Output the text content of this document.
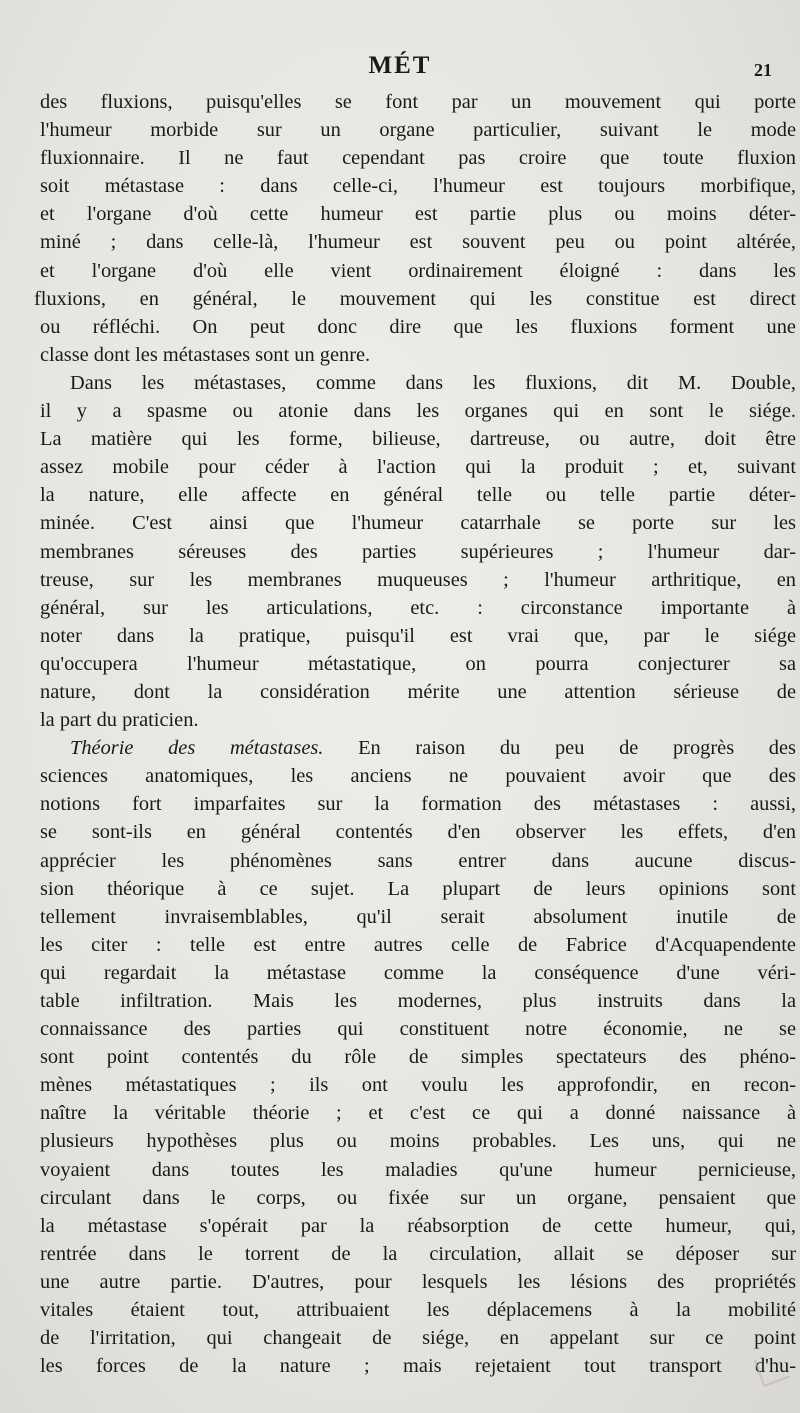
MÉT	21
des fluxions, puisqu'elles se font par un mouvement qui porte
l'humeur morbide sur un organe particulier, suivant le mode
fluxionnaire. Il ne faut cependant pas croire que toute fluxion
soit métastase : dans celle-ci, l'humeur est toujours morbifique,
et l'organe d'où cette humeur est partie plus ou moins déter-
miné ; dans celle-là, l'humeur est souvent peu ou point altérée,
et l'organe d'où elle vient ordinairement éloigné : dans les
fluxions, en général, le mouvement qui les constitue est direct
ou réfléchi. On peut donc dire que les fluxions forment une
classe dont les métastases sont un genre.
Dans les métastases, comme dans les fluxions, dit M. Double,
il y a spasme ou atonie dans les organes qui en sont le siége.
La matière qui les forme, bilieuse, dartreuse, ou autre, doit être
assez mobile pour céder à l'action qui la produit ; et, suivant
la nature, elle affecte en général telle ou telle partie déter-
minée. C'est ainsi que l'humeur catarrhale se porte sur les
membranes séreuses des parties supérieures ; l'humeur dar-
treuse, sur les membranes muqueuses ; l'humeur arthritique, en
général, sur les articulations, etc. : circonstance importante à
noter dans la pratique, puisqu'il est vrai que, par le siége
qu'occupera l'humeur métastatique, on pourra conjecturer sa
nature, dont la considération mérite une attention sérieuse de
la part du praticien.
Théorie des métastases. En raison du peu de progrès des
sciences anatomiques, les anciens ne pouvaient avoir que des
notions fort imparfaites sur la formation des métastases : aussi,
se sont-ils en général contentés d'en observer les effets, d'en
apprécier les phénomènes sans entrer dans aucune discus-
sion théorique à ce sujet. La plupart de leurs opinions sont
tellement invraisemblables, qu'il serait absolument inutile de
les citer : telle est entre autres celle de Fabrice d'Acquapendente
qui regardait la métastase comme la conséquence d'une véri-
table infiltration. Mais les modernes, plus instruits dans la
connaissance des parties qui constituent notre économie, ne se
sont point contentés du rôle de simples spectateurs des phéno-
mènes métastatiques ; ils ont voulu les approfondir, en recon-
naître la véritable théorie ; et c'est ce qui a donné naissance à
plusieurs hypothèses plus ou moins probables. Les uns, qui ne
voyaient dans toutes les maladies qu'une humeur pernicieuse,
circulant dans le corps, ou fixée sur un organe, pensaient que
la métastase s'opérait par la réabsorption de cette humeur, qui,
rentrée dans le torrent de la circulation, allait se déposer sur
une autre partie. D'autres, pour lesquels les lésions des propriétés
vitales étaient tout, attribuaient les déplacemens à la mobilité
de l'irritation, qui changeait de siége, en appelant sur ce point
les forces de la nature ; mais rejetaient tout transport d'hu-
